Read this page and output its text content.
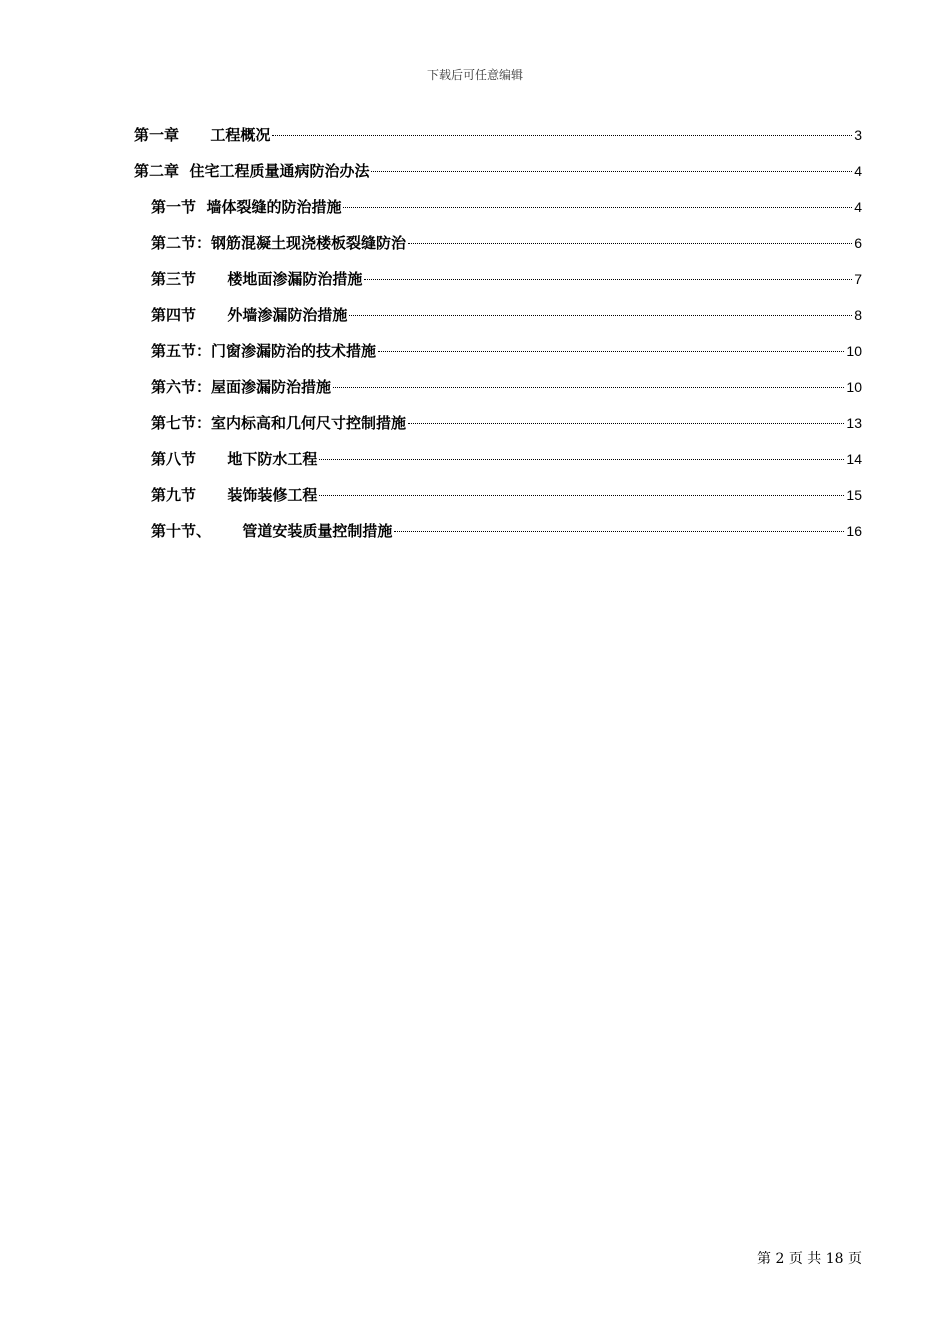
下载后可任意编辑
第一章      工程概况	3
第二章  住宅工程质量通病防治办法	4
第一节  墙体裂缝的防治措施	4
第二节：钢筋混凝土现浇楼板裂缝防治	6
第三节      楼地面渗漏防治措施	7
第四节      外墙渗漏防治措施	8
第五节：门窗渗漏防治的技术措施	10
第六节：屋面渗漏防治措施	10
第七节：室内标高和几何尺寸控制措施	13
第八节      地下防水工程	14
第九节      装饰装修工程	15
第十节、      管道安装质量控制措施	16
第 2 页 共 18 页
